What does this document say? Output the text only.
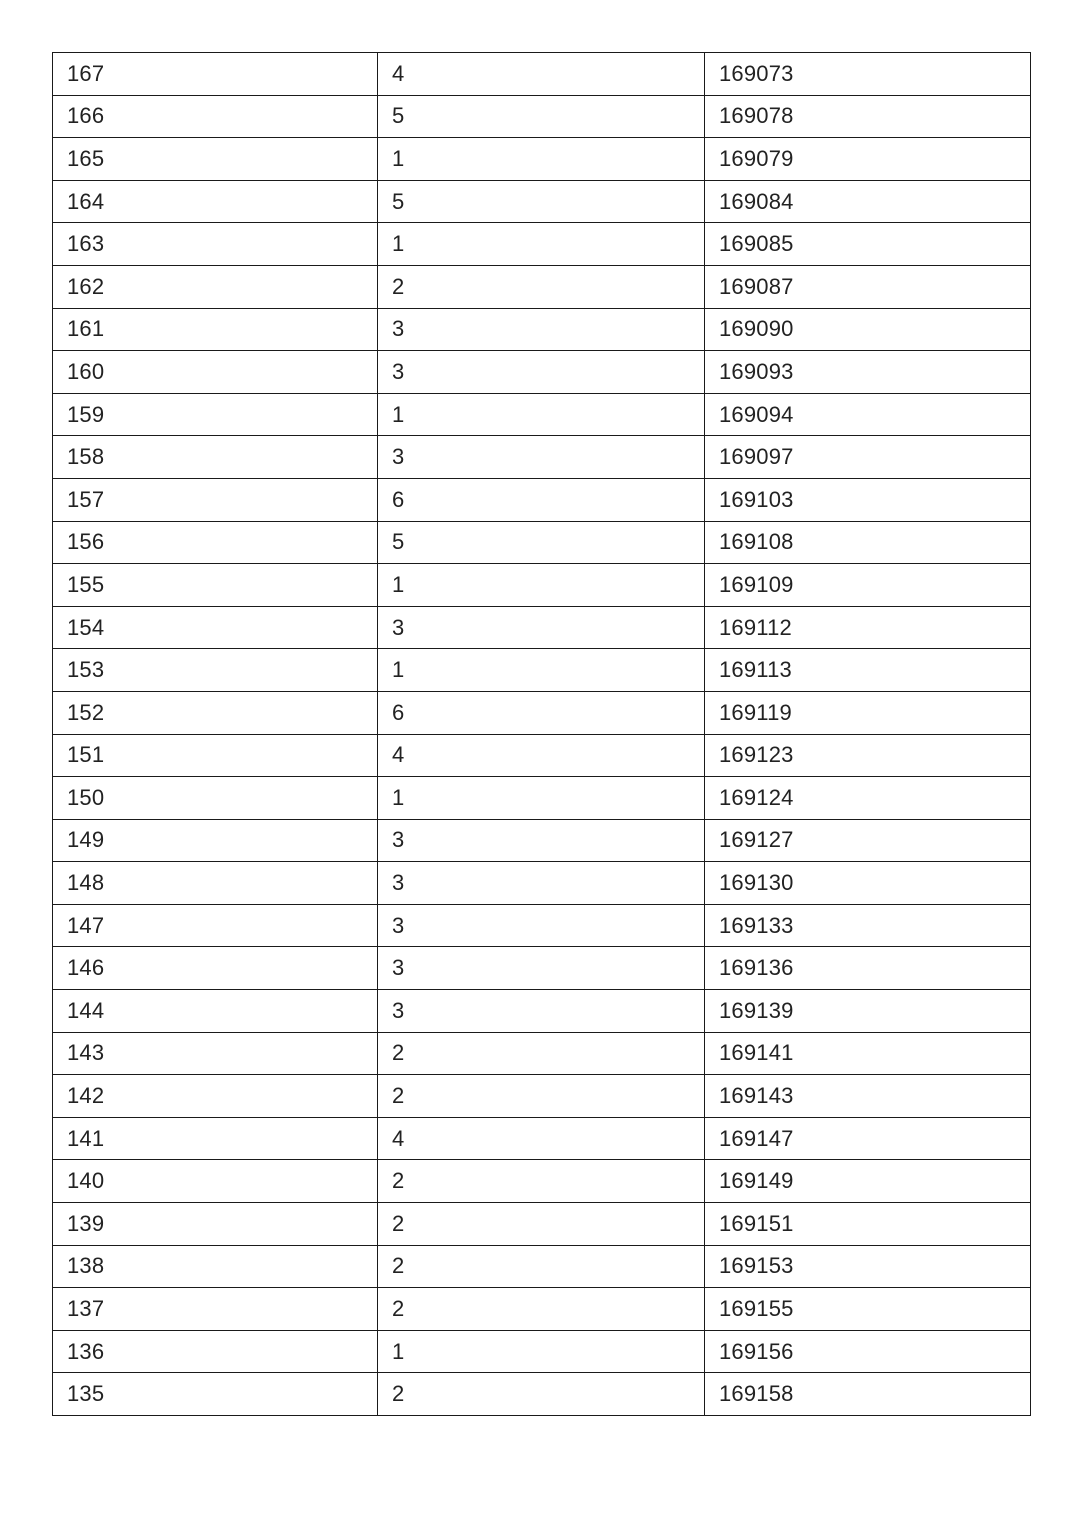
167	4	169073
166	5	169078
165	1	169079
164	5	169084
163	1	169085
162	2	169087
161	3	169090
160	3	169093
159	1	169094
158	3	169097
157	6	169103
156	5	169108
155	1	169109
154	3	169112
153	1	169113
152	6	169119
151	4	169123
150	1	169124
149	3	169127
148	3	169130
147	3	169133
146	3	169136
144	3	169139
143	2	169141
142	2	169143
141	4	169147
140	2	169149
139	2	169151
138	2	169153
137	2	169155
136	1	169156
135	2	169158
